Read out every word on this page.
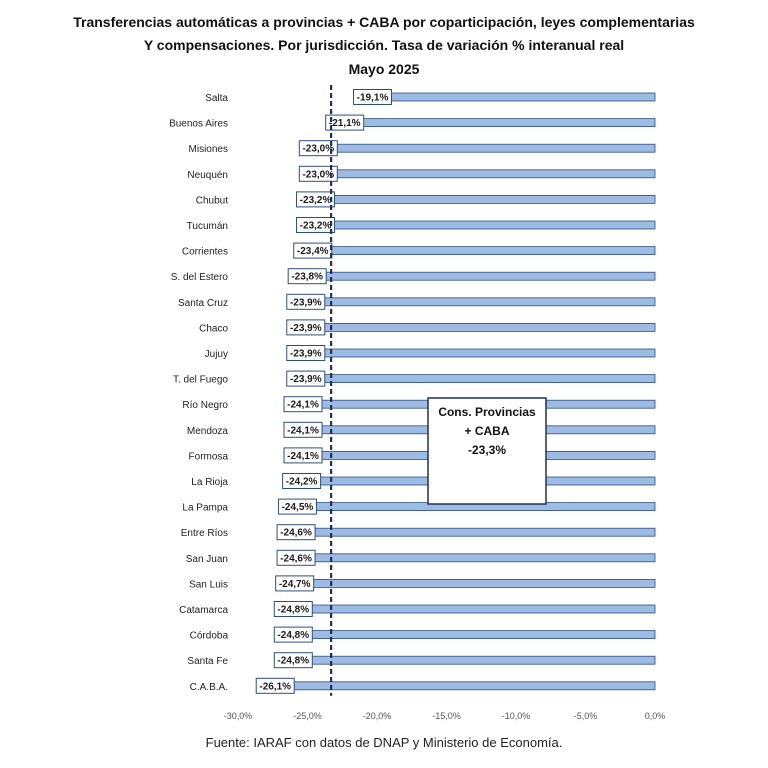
Transferencias automáticas a provincias + CABA por coparticipación, leyes complementarias
Y compensaciones. Por jurisdicción. Tasa de variación % interanual real
Mayo 2025
Salta	-19,1%
Buenos Aires	-21,1%
Misiones	-23,0%
Neuquén	-23,0%
Chubut	-23,2%
Tucumán	-23,2%
Corrientes	-23,4%
S. del Estero	-23,8%
Santa Cruz	-23,9%
Chaco	-23,9%
Jujuy	-23,9%
T. del Fuego	-23,9%
Río Negro	-24,1%
Mendoza	-24,1%
Formosa	-24,1%
La Rioja	-24,2%
La Pampa	-24,5%
Entre Ríos	-24,6%
San Juan	-24,6%
San Luis	-24,7%
Catamarca	-24,8%
Córdoba	-24,8%
Santa Fe	-24,8%
C.A.B.A.	-26,1%
Cons. Provincias
+ CABA
-23,3%
-30,0%	-25,0%	-20,0%	-15,0%	-10,0%	-5,0%	0,0%
Fuente: IARAF con datos de DNAP y Ministerio de Economía.
